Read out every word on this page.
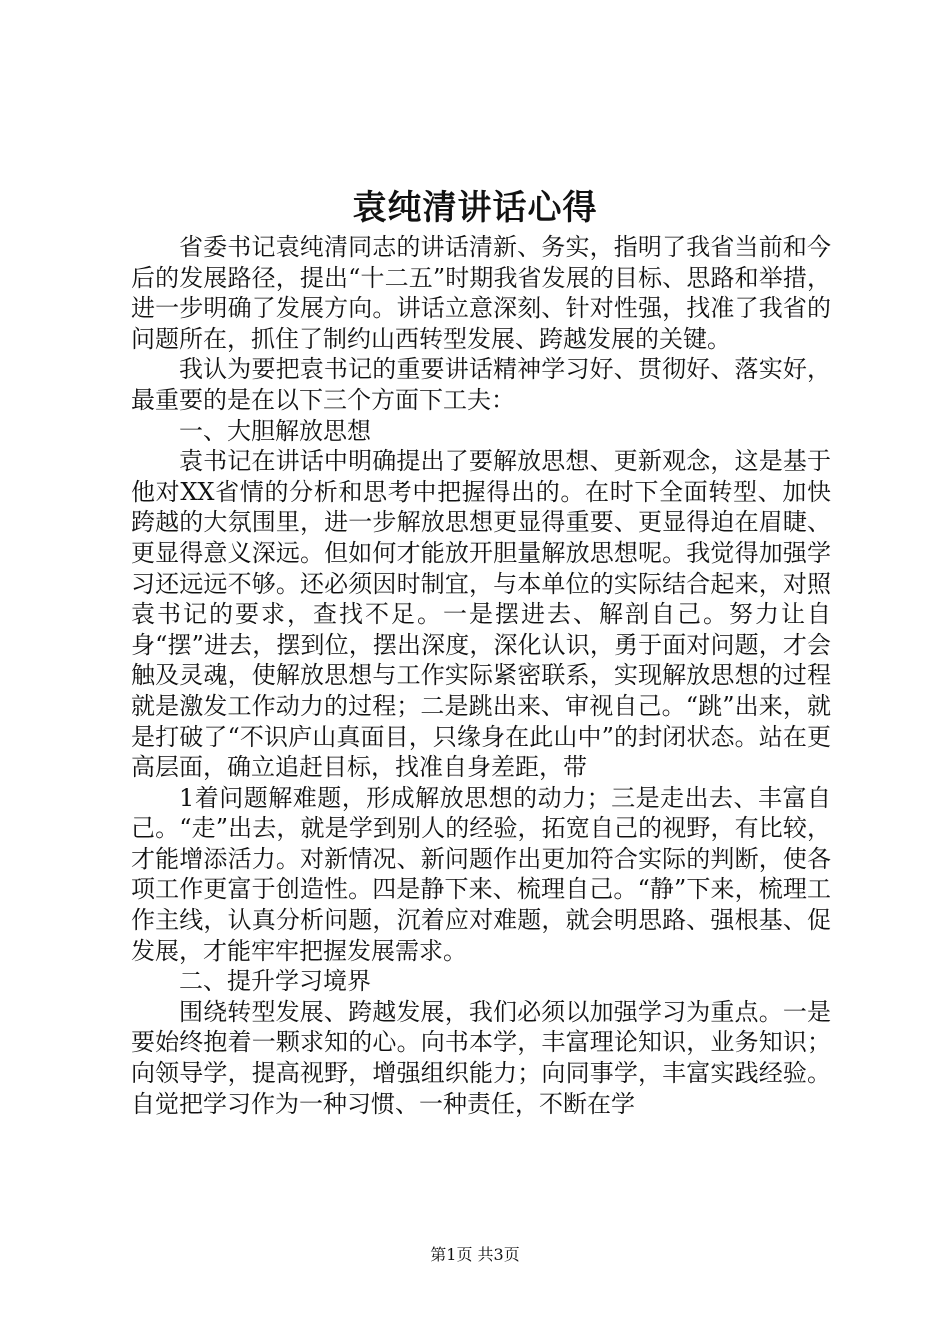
袁纯清讲话心得

省委书记袁纯清同志的讲话清新、务实，指明了我省当前和今后的发展路径，提出“十二五”时期我省发展的目标、思路和举措，进一步明确了发展方向。讲话立意深刻、针对性强，找准了我省的问题所在，抓住了制约山西转型发展、跨越发展的关键。

我认为要把袁书记的重要讲话精神学习好、贯彻好、落实好，最重要的是在以下三个方面下工夫：

一、大胆解放思想

袁书记在讲话中明确提出了要解放思想、更新观念，这是基于他对XX省情的分析和思考中把握得出的。在时下全面转型、加快跨越的大氛围里，进一步解放思想更显得重要、更显得迫在眉睫、更显得意义深远。但如何才能放开胆量解放思想呢。我觉得加强学习还远远不够。还必须因时制宜，与本单位的实际结合起来，对照袁书记的要求，查找不足。一是摆进去、解剖自己。努力让自身“摆”进去，摆到位，摆出深度，深化认识，勇于面对问题，才会触及灵魂，使解放思想与工作实际紧密联系，实现解放思想的过程就是激发工作动力的过程；二是跳出来、审视自己。“跳”出来，就是打破了“不识庐山真面目，只缘身在此山中”的封闭状态。站在更高层面，确立追赶目标，找准自身差距，带

1着问题解难题，形成解放思想的动力；三是走出去、丰富自己。“走”出去，就是学到别人的经验，拓宽自己的视野，有比较，才能增添活力。对新情况、新问题作出更加符合实际的判断，使各项工作更富于创造性。四是静下来、梳理自己。“静”下来，梳理工作主线，认真分析问题，沉着应对难题，就会明思路、强根基、促发展，才能牢牢把握发展需求。

二、提升学习境界

围绕转型发展、跨越发展，我们必须以加强学习为重点。一是要始终抱着一颗求知的心。向书本学，丰富理论知识，业务知识；向领导学，提高视野，增强组织能力；向同事学，丰富实践经验。自觉把学习作为一种习惯、一种责任，不断在学

第1页 共3页
